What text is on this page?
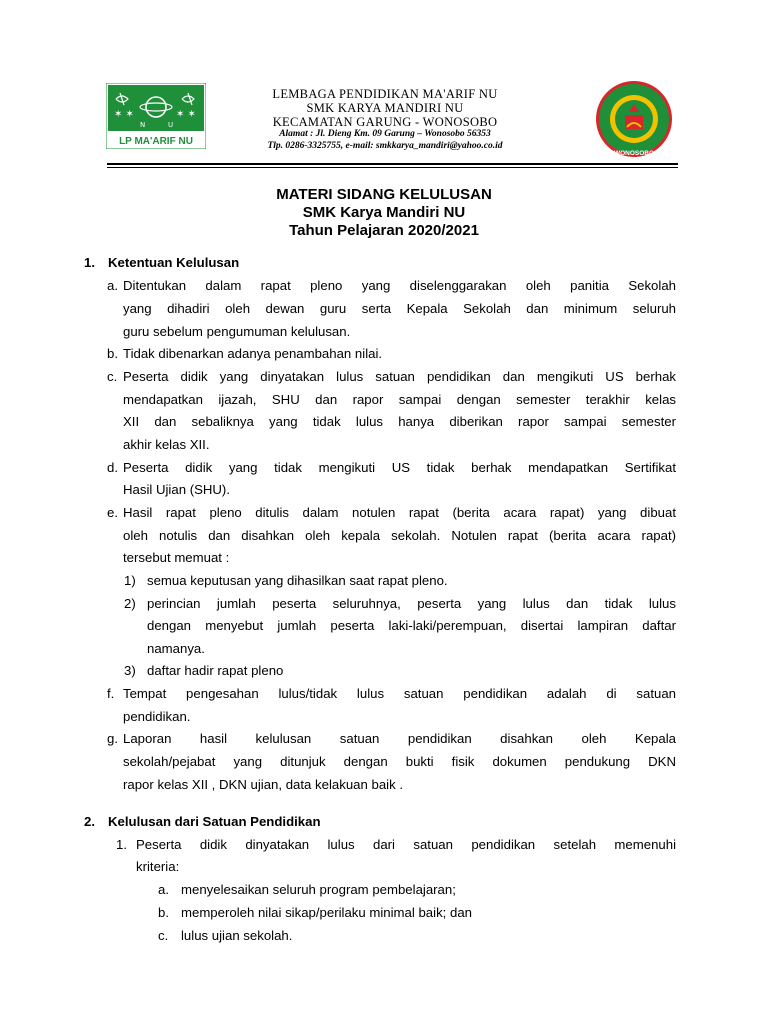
✶ ✶	✶ ✶
N	U
LP MA'ARIF NU
LEMBAGA PENDIDIKAN MA'ARIF NU
SMK KARYA MANDIRI NU
KECAMATAN GARUNG - WONOSOBO
Alamat : Jl. Dieng Km. 09 Garung – Wonosobo 56353
Tlp. 0286-3325755, e-mail: smkkarya_mandiri@yahoo.co.id
WONOSOBO
MATERI SIDANG KELULUSAN
SMK Karya Mandiri NU
Tahun Pelajaran 2020/2021
1. Ketentuan Kelulusan
a. Ditentukan dalam rapat pleno yang diselenggarakan oleh panitia Sekolah
yang dihadiri oleh dewan guru serta Kepala Sekolah dan minimum seluruh
guru sebelum pengumuman kelulusan.
b. Tidak dibenarkan adanya penambahan nilai.
c. Peserta didik yang dinyatakan lulus satuan pendidikan dan mengikuti US berhak
mendapatkan ijazah, SHU dan rapor sampai dengan semester terakhir kelas
XII dan sebaliknya yang tidak lulus hanya diberikan rapor sampai semester
akhir kelas XII.
d. Peserta didik yang tidak mengikuti US tidak berhak mendapatkan Sertifikat
Hasil Ujian (SHU).
e. Hasil rapat pleno ditulis dalam notulen rapat (berita acara rapat) yang dibuat
oleh notulis dan disahkan oleh kepala sekolah. Notulen rapat (berita acara rapat)
tersebut memuat :
1) semua keputusan yang dihasilkan saat rapat pleno.
2) perincian jumlah peserta seluruhnya, peserta yang lulus dan tidak lulus
dengan menyebut jumlah peserta laki-laki/perempuan, disertai lampiran daftar
namanya.
3) daftar hadir rapat pleno
f. Tempat pengesahan lulus/tidak lulus satuan pendidikan adalah di satuan
pendidikan.
g. Laporan hasil kelulusan satuan pendidikan disahkan oleh Kepala
sekolah/pejabat yang ditunjuk dengan bukti fisik dokumen pendukung DKN
rapor kelas XII , DKN ujian, data kelakuan baik .
2. Kelulusan dari Satuan Pendidikan
1. Peserta didik dinyatakan lulus dari satuan pendidikan setelah memenuhi
kriteria:
a. menyelesaikan seluruh program pembelajaran;
b. memperoleh nilai sikap/perilaku minimal baik; dan
c. lulus ujian sekolah.
